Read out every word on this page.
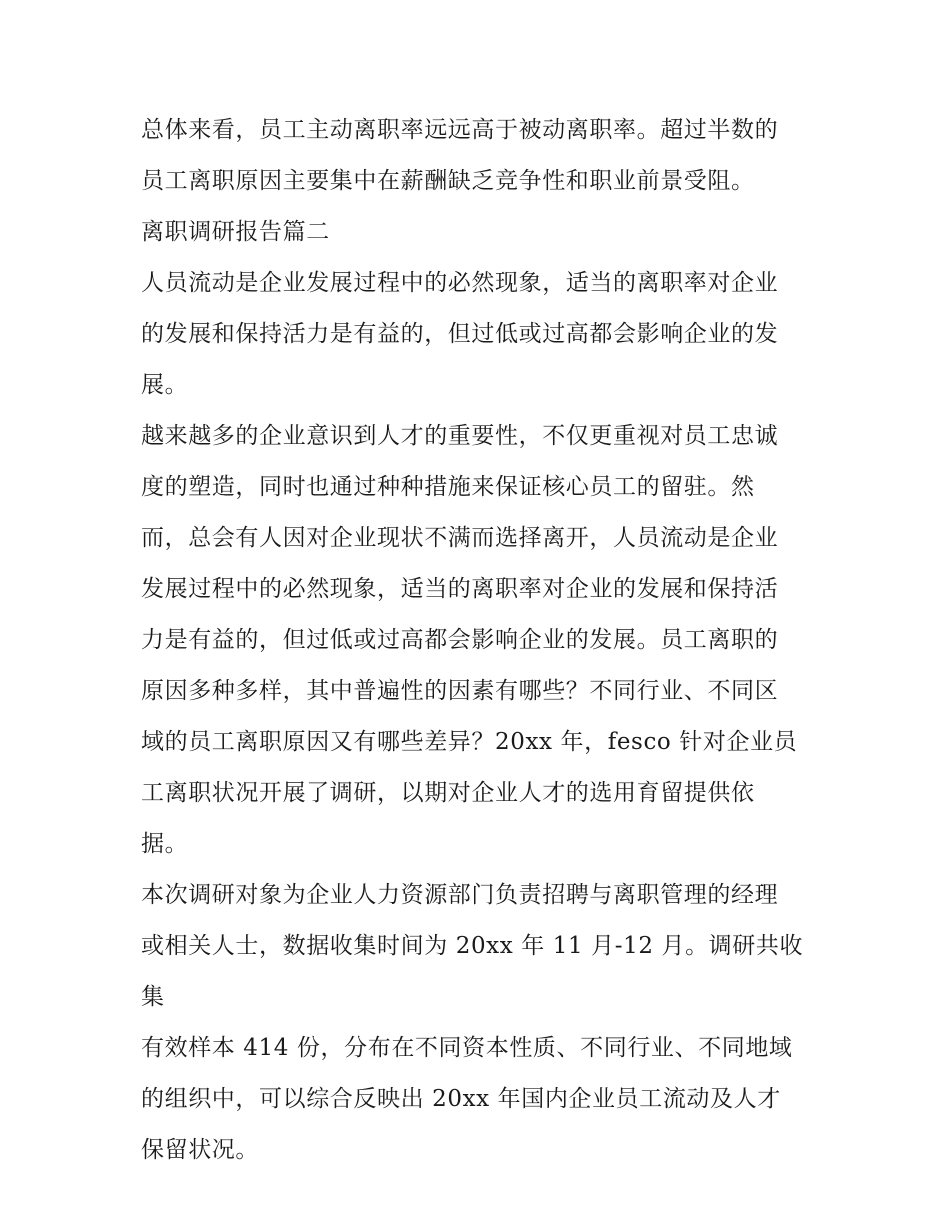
总体来看，员工主动离职率远远高于被动离职率。超过半数的
员工离职原因主要集中在薪酬缺乏竞争性和职业前景受阻。

离职调研报告篇二

人员流动是企业发展过程中的必然现象，适当的离职率对企业
的发展和保持活力是有益的，但过低或过高都会影响企业的发
展。

越来越多的企业意识到人才的重要性，不仅更重视对员工忠诚
度的塑造，同时也通过种种措施来保证核心员工的留驻。然
而，总会有人因对企业现状不满而选择离开，人员流动是企业
发展过程中的必然现象，适当的离职率对企业的发展和保持活
力是有益的，但过低或过高都会影响企业的发展。员工离职的
原因多种多样，其中普遍性的因素有哪些？不同行业、不同区
域的员工离职原因又有哪些差异？20xx 年，fesco 针对企业员
工离职状况开展了调研，以期对企业人才的选用育留提供依
据。

本次调研对象为企业人力资源部门负责招聘与离职管理的经理
或相关人士，数据收集时间为 20xx 年 11 月-12 月。调研共收集
有效样本 414 份，分布在不同资本性质、不同行业、不同地域
的组织中，可以综合反映出 20xx 年国内企业员工流动及人才
保留状况。
